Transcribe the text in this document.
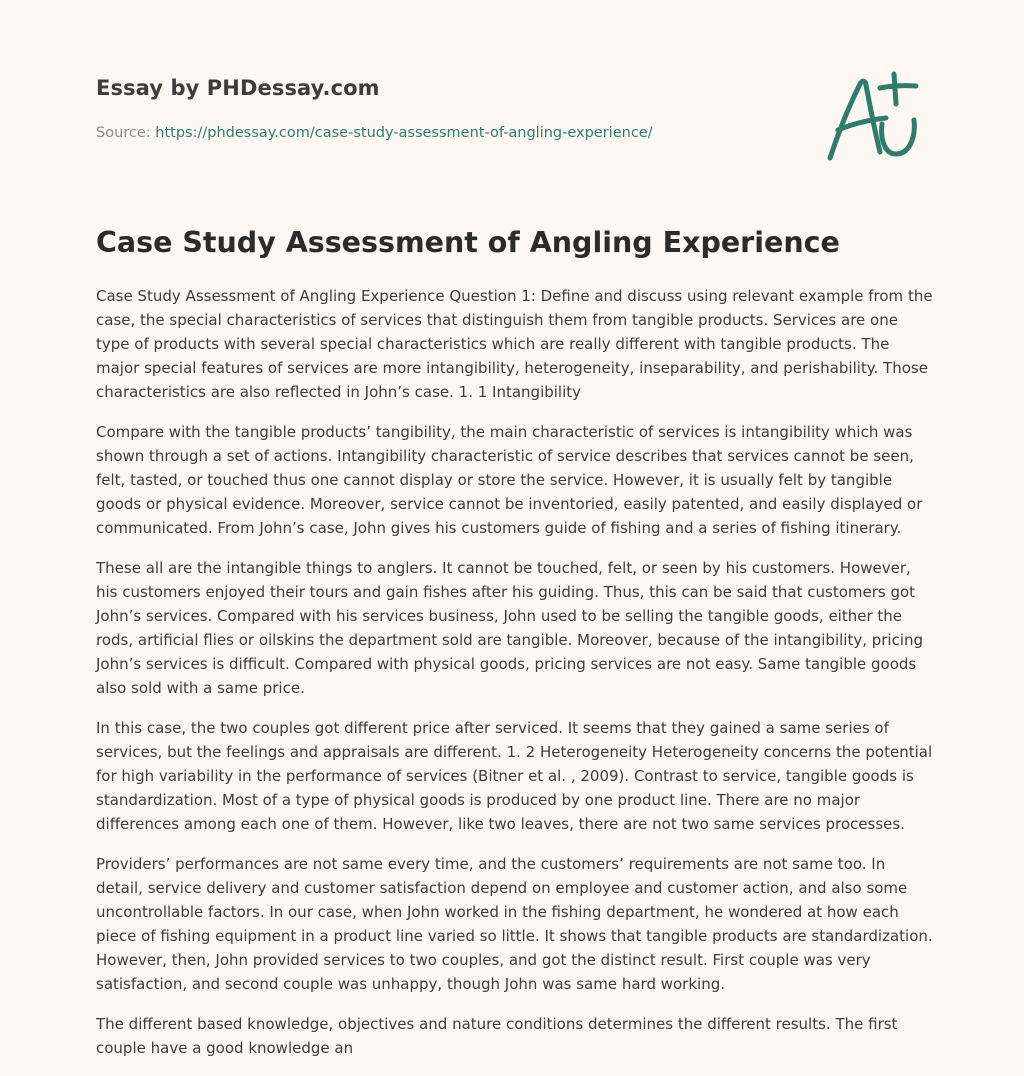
Essay by PHDessay.com
Source: https://phdessay.com/case-study-assessment-of-angling-experience/
Case Study Assessment of Angling Experience

Case Study Assessment of Angling Experience Question 1: Define and discuss using relevant example from the case, the special characteristics of services that distinguish them from tangible products. Services are one type of products with several special characteristics which are really different with tangible products. The major special features of services are more intangibility, heterogeneity, inseparability, and perishability. Those characteristics are also reflected in John’s case. 1. 1 Intangibility

Compare with the tangible products’ tangibility, the main characteristic of services is intangibility which was shown through a set of actions. Intangibility characteristic of service describes that services cannot be seen, felt, tasted, or touched thus one cannot display or store the service. However, it is usually felt by tangible goods or physical evidence. Moreover, service cannot be inventoried, easily patented, and easily displayed or communicated. From John’s case, John gives his customers guide of fishing and a series of fishing itinerary.

These all are the intangible things to anglers. It cannot be touched, felt, or seen by his customers. However, his customers enjoyed their tours and gain fishes after his guiding. Thus, this can be said that customers got John’s services. Compared with his services business, John used to be selling the tangible goods, either the rods, artificial flies or oilskins the department sold are tangible. Moreover, because of the intangibility, pricing John’s services is difficult. Compared with physical goods, pricing services are not easy. Same tangible goods also sold with a same price.

In this case, the two couples got different price after serviced. It seems that they gained a same series of services, but the feelings and appraisals are different. 1. 2 Heterogeneity Heterogeneity concerns the potential for high variability in the performance of services (Bitner et al. , 2009). Contrast to service, tangible goods is standardization. Most of a type of physical goods is produced by one product line. There are no major differences among each one of them. However, like two leaves, there are not two same services processes.

Providers’ performances are not same every time, and the customers’ requirements are not same too. In detail, service delivery and customer satisfaction depend on employee and customer action, and also some uncontrollable factors. In our case, when John worked in the fishing department, he wondered at how each piece of fishing equipment in a product line varied so little. It shows that tangible products are standardization. However, then, John provided services to two couples, and got the distinct result. First couple was very satisfaction, and second couple was unhappy, though John was same hard working.

The different based knowledge, objectives and nature conditions determines the different results. The first couple have a good knowledge an
